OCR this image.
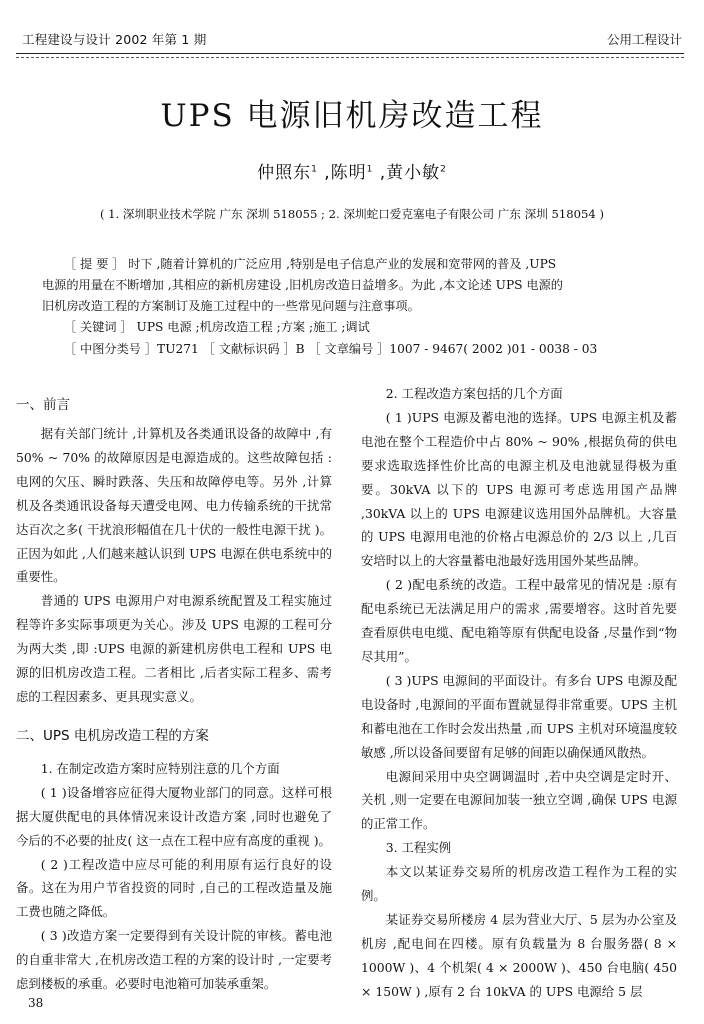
工程建设与设计 2002 年第 1 期	公用工程设计
UPS 电源旧机房改造工程
仲照东$^1$ ,陈明$^1$ ,黄小敏$^2$
( 1. 深圳职业技术学院 广东 深圳 518055 ; 2. 深圳蛇口爱克塞电子有限公司 广东 深圳 518054 )
［ 提 要 ］ 时下 ,随着计算机的广泛应用 ,特别是电子信息产业的发展和宽带网的普及 ,UPS
电源的用量在不断增加 ,其相应的新机房建设 ,旧机房改造日益增多。为此 ,本文论述 UPS 电源的
旧机房改造工程的方案制订及施工过程中的一些常见问题与注意事项。
［ 关键词 ］ UPS 电源 ;机房改造工程 ;方案 ;施工 ;调试
［ 中图分类号 ］TU271 ［ 文献标识码 ］B ［ 文章编号 ］1007 - 9467( 2002 )01 - 0038 - 03

一、前言

据有关部门统计 ,计算机及各类通讯设备的故障中 ,有 50% ~ 70% 的故障原因是电源造成的。这些故障包括 :电网的欠压、瞬时跌落、失压和故障停电等。另外 ,计算机及各类通讯设备每天遭受电网、电力传输系统的干扰常达百次之多( 干扰浪形幅值在几十伏的一般性电源干扰 )。正因为如此 ,人们越来越认识到 UPS 电源在供电系统中的重要性。

普通的 UPS 电源用户对电源系统配置及工程实施过程等许多实际事项更为关心。涉及 UPS 电源的工程可分为两大类 ,即 :UPS 电源的新建机房供电工程和 UPS 电源的旧机房改造工程。二者相比 ,后者实际工程多、需考虑的工程因素多、更具现实意义。

二、UPS 电机房改造工程的方案

1. 在制定改造方案时应特别注意的几个方面

( 1 )设备增容应征得大厦物业部门的同意。这样可根据大厦供配电的具体情况来设计改造方案 ,同时也避免了今后的不必要的扯皮( 这一点在工程中应有高度的重视 )。

( 2 )工程改造中应尽可能的利用原有运行良好的设备。这在为用户节省投资的同时 ,自己的工程改造量及施工费也随之降低。

( 3 )改造方案一定要得到有关设计院的审核。蓄电池的自重非常大 ,在机房改造工程的方案的设计时 ,一定要考虑到楼板的承重。必要时电池箱可加装承重架。

2. 工程改造方案包括的几个方面

( 1 )UPS 电源及蓄电池的选择。UPS 电源主机及蓄电池在整个工程造价中占 80% ~ 90% ,根据负荷的供电要求选取选择性价比高的电源主机及电池就显得极为重要。30kVA 以下的 UPS 电源可考虑选用国产品牌 ,30kVA 以上的 UPS 电源建议选用国外品牌机。大容量的 UPS 电源用电池的价格占电源总价的 2/3 以上 ,几百安培时以上的大容量蓄电池最好选用国外某些品牌。

( 2 )配电系统的改造。工程中最常见的情况是 :原有配电系统已无法满足用户的需求 ,需要增容。这时首先要查看原供电电缆、配电箱等原有供配电设备 ,尽量作到“物尽其用”。

( 3 )UPS 电源间的平面设计。有多台 UPS 电源及配电设备时 ,电源间的平面布置就显得非常重要。UPS 主机和蓄电池在工作时会发出热量 ,而 UPS 主机对环境温度较敏感 ,所以设备间要留有足够的间距以确保通风散热。

电源间采用中央空调调温时 ,若中央空调是定时开、关机 ,则一定要在电源间加装一独立空调 ,确保 UPS 电源的正常工作。

3. 工程实例

本文以某证券交易所的机房改造工程作为工程的实例。

某证券交易所楼房 4 层为营业大厅、5 层为办公室及机房 ,配电间在四楼。原有负载量为 8 台服务器( 8 × 1000W )、4 个机架( 4 × 2000W )、450 台电脑( 450 × 150W ) ,原有 2 台 10kVA 的 UPS 电源给 5 层

38
